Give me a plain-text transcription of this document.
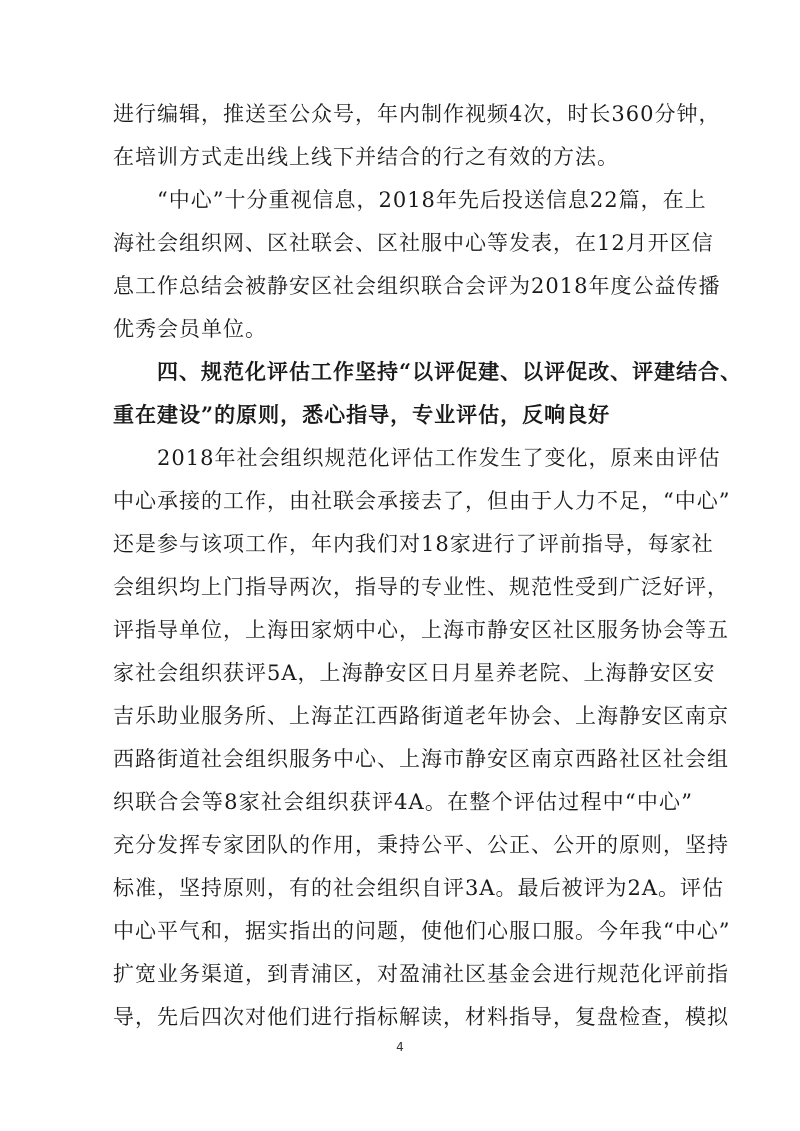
进行编辑，推送至公众号，年内制作视频4次，时长360分钟，
在培训方式走出线上线下并结合的行之有效的方法。
“中心”十分重视信息，2018年先后投送信息22篇，在上
海社会组织网、区社联会、区社服中心等发表，在12月开区信
息工作总结会被静安区社会组织联合会评为2018年度公益传播
优秀会员单位。
四、规范化评估工作坚持“以评促建、以评促改、评建结合、
重在建设”的原则，悉心指导，专业评估，反响良好
2018年社会组织规范化评估工作发生了变化，原来由评估
中心承接的工作，由社联会承接去了，但由于人力不足，“中心”
还是参与该项工作，年内我们对18家进行了评前指导，每家社
会组织均上门指导两次，指导的专业性、规范性受到广泛好评，
评指导单位，上海田家炳中心，上海市静安区社区服务协会等五
家社会组织获评5A，上海静安区日月星养老院、上海静安区安
吉乐助业服务所、上海芷江西路街道老年协会、上海静安区南京
西路街道社会组织服务中心、上海市静安区南京西路社区社会组
织联合会等8家社会组织获评4A。在整个评估过程中“中心”
充分发挥专家团队的作用，秉持公平、公正、公开的原则，坚持
标准，坚持原则，有的社会组织自评3A。最后被评为2A。评估
中心平气和，据实指出的问题，使他们心服口服。今年我“中心”
扩宽业务渠道，到青浦区，对盈浦社区基金会进行规范化评前指
导，先后四次对他们进行指标解读，材料指导，复盘检查，模拟
4
